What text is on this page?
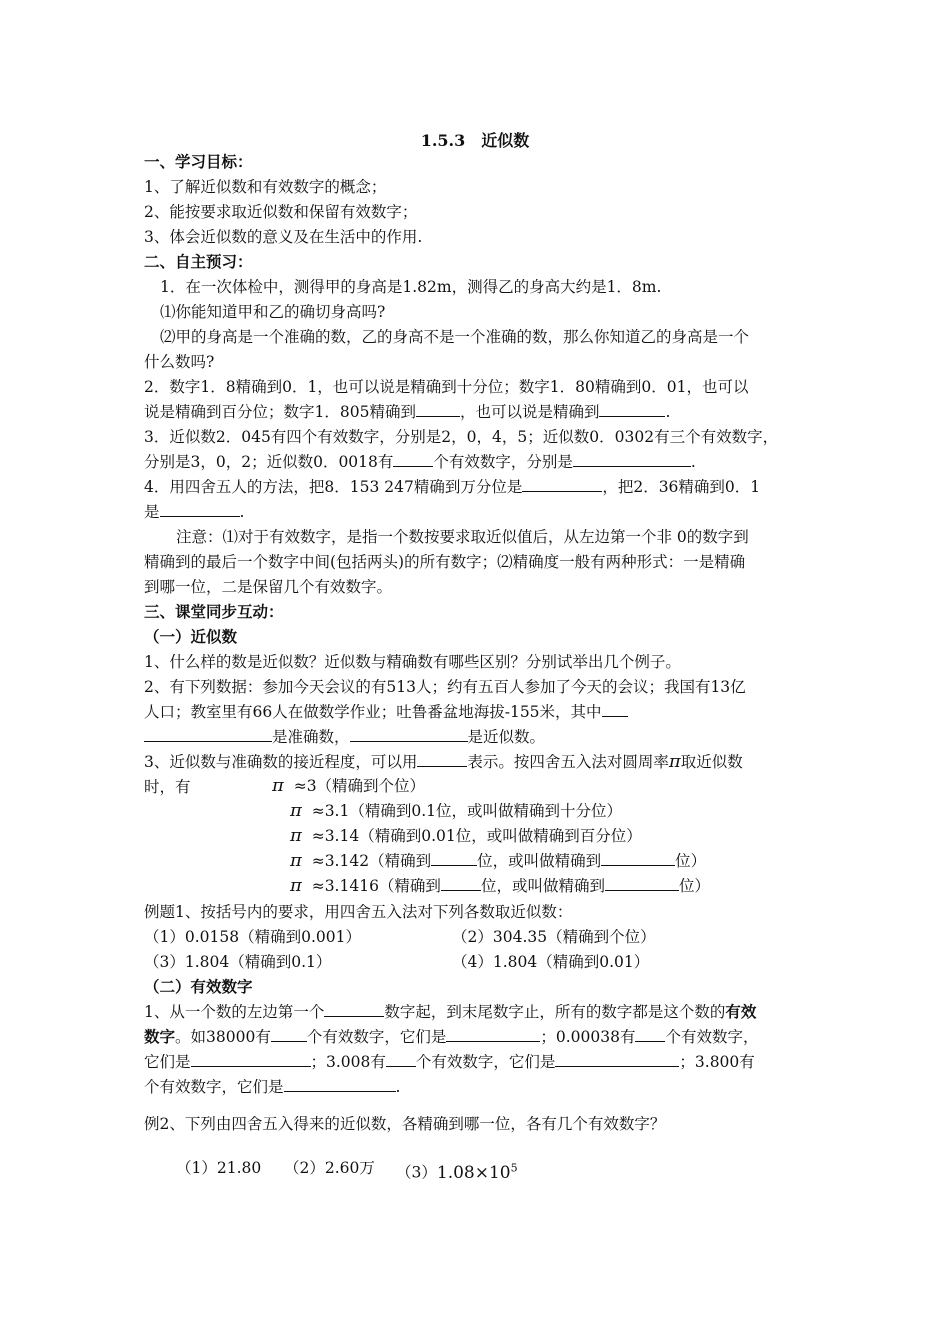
1.5.3　近似数
一、学习目标：
1、了解近似数和有效数字的概念；
2、能按要求取近似数和保留有效数字；
3、体会近似数的意义及在生活中的作用.
二、自主预习：
1．在一次体检中，测得甲的身高是1.82m，测得乙的身高大约是1．8m.
⑴你能知道甲和乙的确切身高吗?
⑵甲的身高是一个准确的数，乙的身高不是一个准确的数，那么你知道乙的身高是一个
什么数吗?
2．数字1．8精确到0．1，也可以说是精确到十分位；数字1．80精确到0．01，也可以
说是精确到百分位；数字1．805精确到	，也可以说是精确到	.
3．近似数2．045有四个有效数字，分别是2，0，4，5；近似数0．0302有三个有效数字，
分别是3，0，2；近似数0．0018有	个有效数字，分别是	.
4．用四舍五人的方法，把8．153 247精确到万分位是	，把2．36精确到0．1
是	.
注意：⑴对于有效数字，是指一个数按要求取近似值后，从左边第一个非 0的数字到
精确到的最后一个数字中间(包括两头)的所有数字；⑵精确度一般有两种形式：一是精确
到哪一位，二是保留几个有效数字。
三、课堂同步互动：
（一）近似数
1、什么样的数是近似数？近似数与精确数有哪些区别？分别试举出几个例子。
2、有下列数据：参加今天会议的有513人；约有五百人参加了今天的会议；我国有13亿
人口；教室里有66人在做数学作业；吐鲁番盆地海拔-155米，其中
是准确数，	是近似数。
3、近似数与准确数的接近程度，可以用	表示。按四舍五入法对圆周率π取近似数
时，有	π ≈3（精确到个位）
π ≈3.1（精确到0.1位，或叫做精确到十分位）
π ≈3.14（精确到0.01位，或叫做精确到百分位）
π ≈3.142（精确到	位，或叫做精确到	位）
π ≈3.1416（精确到	位，或叫做精确到	位）
例题1、按括号内的要求，用四舍五入法对下列各数取近似数：
（1）0.0158（精确到0.001）	（2）304.35（精确到个位）
（3）1.804（精确到0.1）	（4）1.804（精确到0.01）
（二）有效数字
1、从一个数的左边第一个	数字起，到末尾数字止，所有的数字都是这个数的有效
数字。如38000有 个有效数字，它们是	；0.00038有 个有效数字，
它们是	；3.008有 个有效数字，它们是	；3.800有
个有效数字，它们是	.
例2、下列由四舍五入得来的近似数，各精确到哪一位，各有几个有效数字？
（1）21.80 （2）2.60万 $(3)1.08\times 10^5$
